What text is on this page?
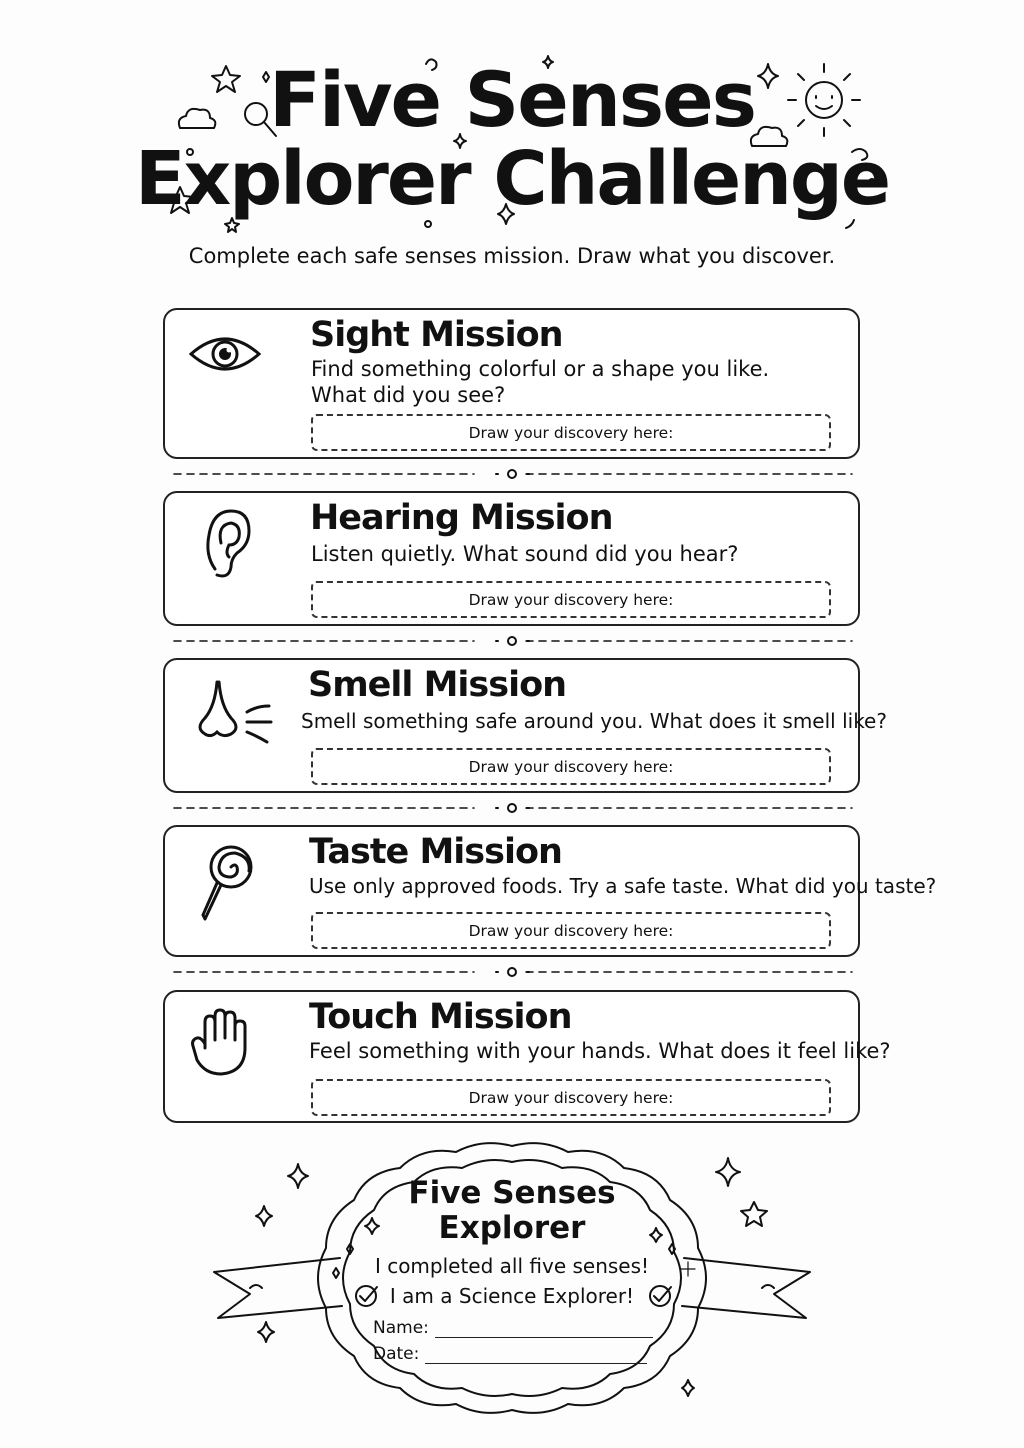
Five Senses
Explorer Challenge
Complete each safe senses mission. Draw what you discover.
Sight Mission

Find something colorful or a shape you like.

What did you see?

Draw your discovery here:
Hearing Mission

Listen quietly. What sound did you hear?

Draw your discovery here:
Smell Mission

Smell something safe around you. What does it smell like?

Draw your discovery here:
Taste Mission

Use only approved foods. Try a safe taste. What did you taste?

Draw your discovery here:
Touch Mission

Feel something with your hands. What does it feel like?

Draw your discovery here:
Five Senses
Explorer
I completed all five senses!
I am a Science Explorer!
Name:
Date:
